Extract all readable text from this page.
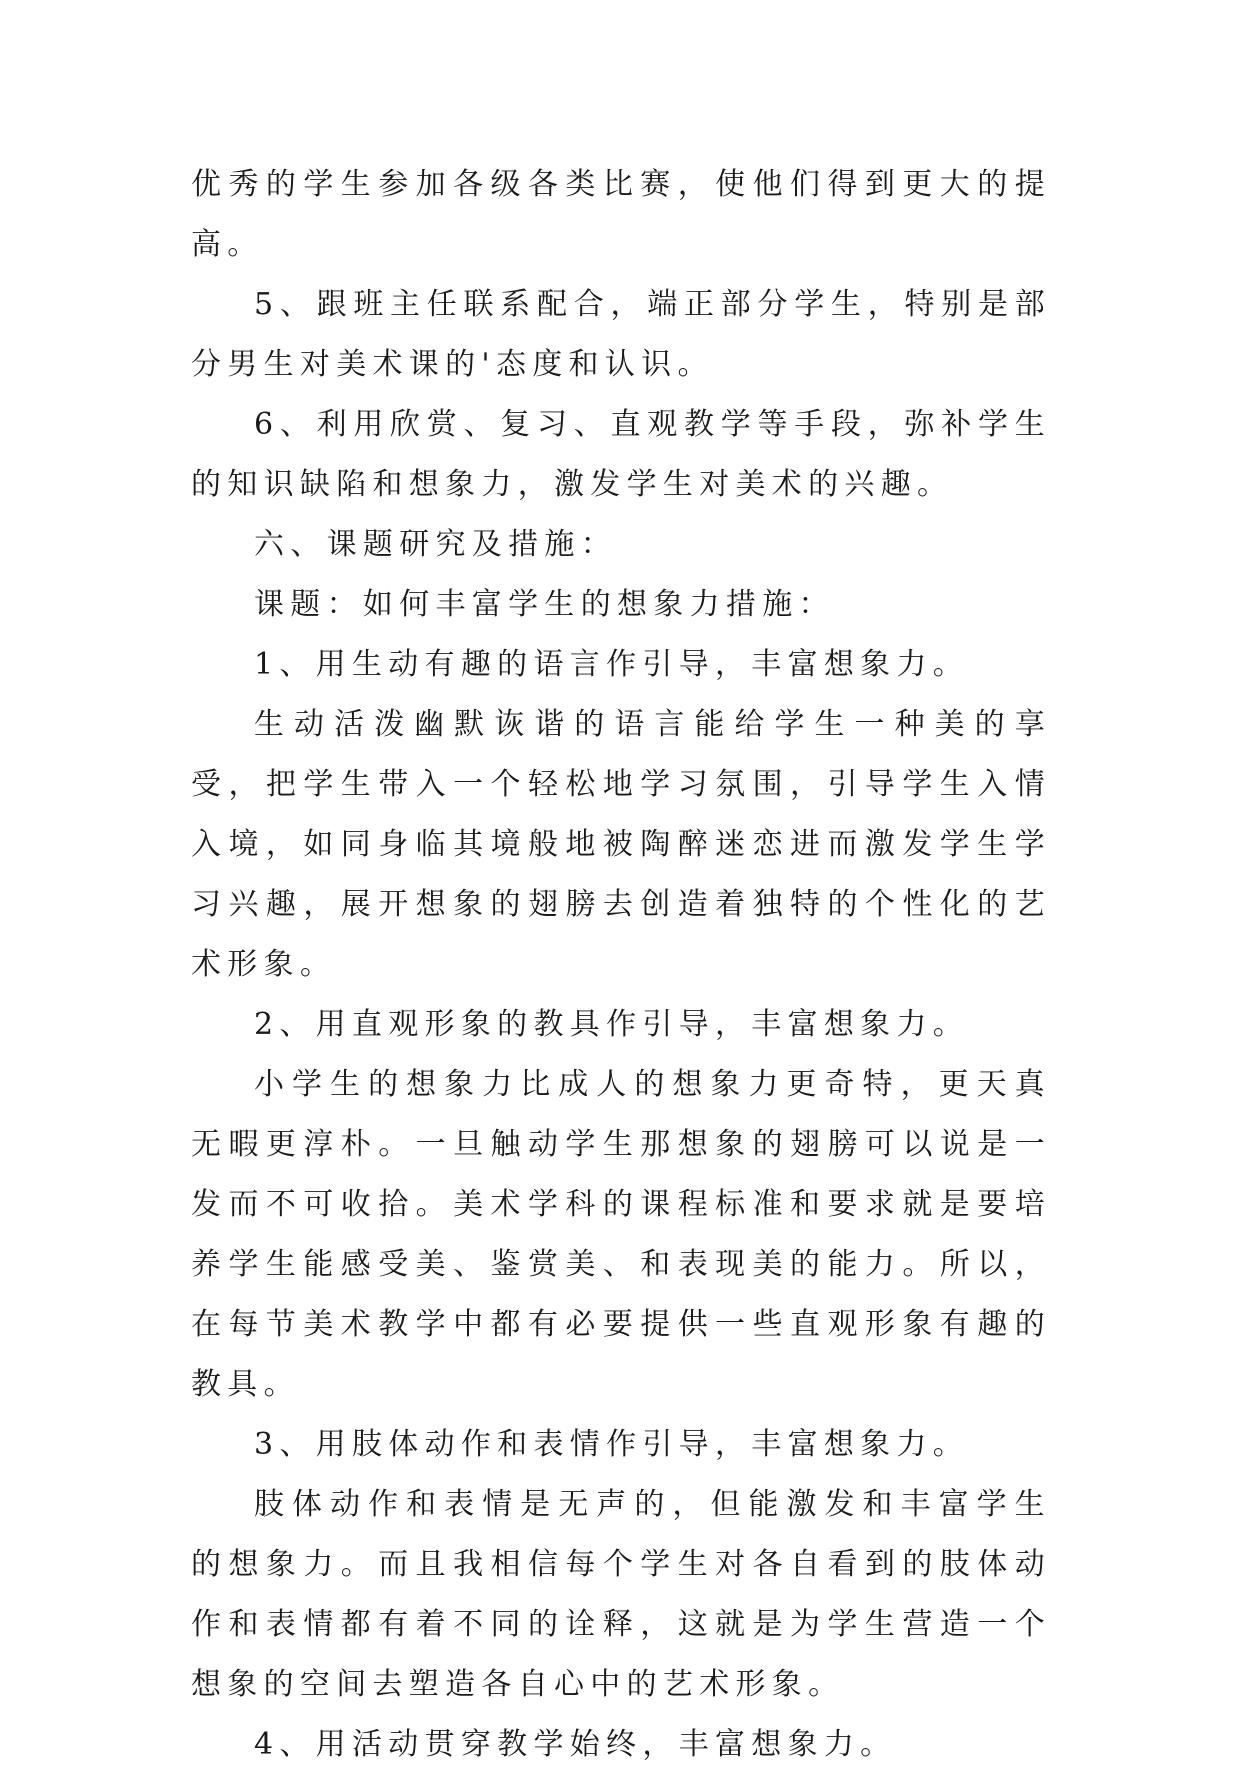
优秀的学生参加各级各类比赛，使他们得到更大的提高。

5、跟班主任联系配合，端正部分学生，特别是部分男生对美术课的'态度和认识。

6、利用欣赏、复习、直观教学等手段，弥补学生的知识缺陷和想象力，激发学生对美术的兴趣。

六、课题研究及措施：

课题：如何丰富学生的想象力措施：

1、用生动有趣的语言作引导，丰富想象力。

生动活泼幽默诙谐的语言能给学生一种美的享受，把学生带入一个轻松地学习氛围，引导学生入情入境，如同身临其境般地被陶醉迷恋进而激发学生学习兴趣，展开想象的翅膀去创造着独特的个性化的艺术形象。

2、用直观形象的教具作引导，丰富想象力。

小学生的想象力比成人的想象力更奇特，更天真无暇更淳朴。一旦触动学生那想象的翅膀可以说是一发而不可收拾。美术学科的课程标准和要求就是要培养学生能感受美、鉴赏美、和表现美的能力。所以，在每节美术教学中都有必要提供一些直观形象有趣的教具。

3、用肢体动作和表情作引导，丰富想象力。

肢体动作和表情是无声的，但能激发和丰富学生的想象力。而且我相信每个学生对各自看到的肢体动作和表情都有着不同的诠释，这就是为学生营造一个想象的空间去塑造各自心中的艺术形象。

4、用活动贯穿教学始终，丰富想象力。
